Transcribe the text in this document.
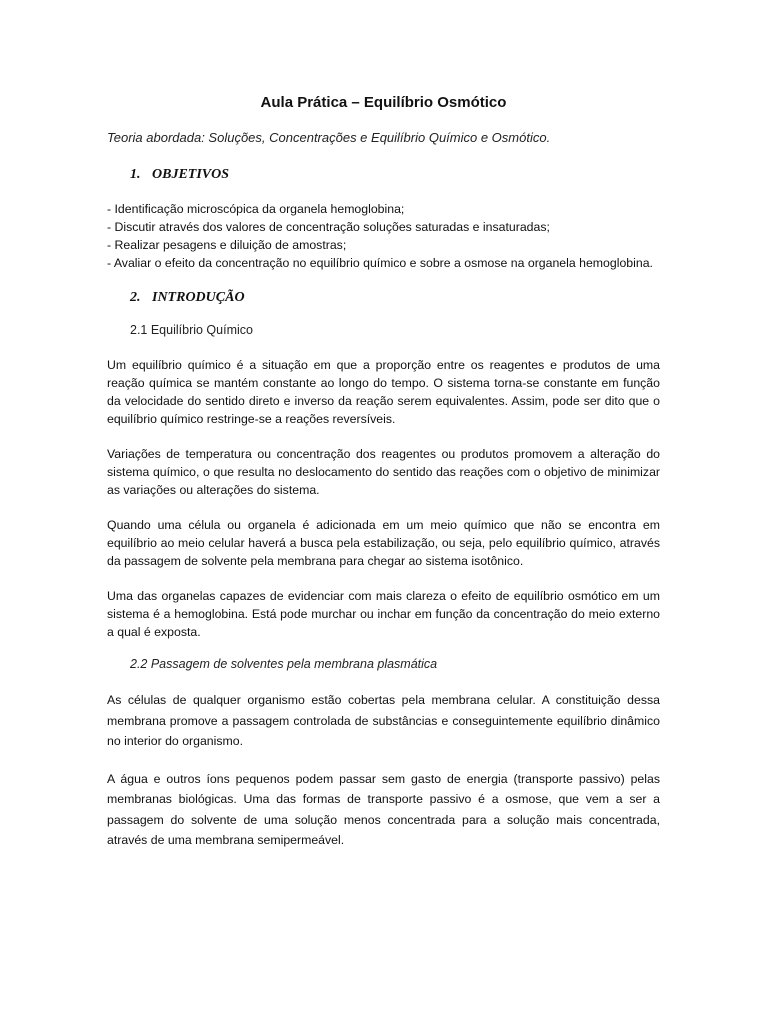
Aula Prática – Equilíbrio Osmótico
Teoria abordada: Soluções, Concentrações e Equilíbrio Químico e Osmótico.
1. OBJETIVOS
- Identificação microscópica da organela hemoglobina;
- Discutir através dos valores de concentração soluções saturadas e insaturadas;
- Realizar pesagens e diluição de amostras;
- Avaliar o efeito da concentração no equilíbrio químico e sobre a osmose na organela hemoglobina.
2. INTRODUÇÃO
2.1 Equilíbrio Químico

Um equilíbrio químico é a situação em que a proporção entre os reagentes e produtos de uma reação química se mantém constante ao longo do tempo. O sistema torna-se constante em função da velocidade do sentido direto e inverso da reação serem equivalentes. Assim, pode ser dito que o equilíbrio químico restringe-se a reações reversíveis.

Variações de temperatura ou concentração dos reagentes ou produtos promovem a alteração do sistema químico, o que resulta no deslocamento do sentido das reações com o objetivo de minimizar as variações ou alterações do sistema.

Quando uma célula ou organela é adicionada em um meio químico que não se encontra em equilíbrio ao meio celular haverá a busca pela estabilização, ou seja, pelo equilíbrio químico, através da passagem de solvente pela membrana para chegar ao sistema isotônico.

Uma das organelas capazes de evidenciar com mais clareza o efeito de equilíbrio osmótico em um sistema é a hemoglobina. Está pode murchar ou inchar em função da concentração do meio externo a qual é exposta.

2.2 Passagem de solventes pela membrana plasmática

As células de qualquer organismo estão cobertas pela membrana celular. A constituição dessa membrana promove a passagem controlada de substâncias e conseguintemente equilíbrio dinâmico no interior do organismo.

A água e outros íons pequenos podem passar sem gasto de energia (transporte passivo) pelas membranas biológicas. Uma das formas de transporte passivo é a osmose, que vem a ser a passagem do solvente de uma solução menos concentrada para a solução mais concentrada, através de uma membrana semipermeável.
